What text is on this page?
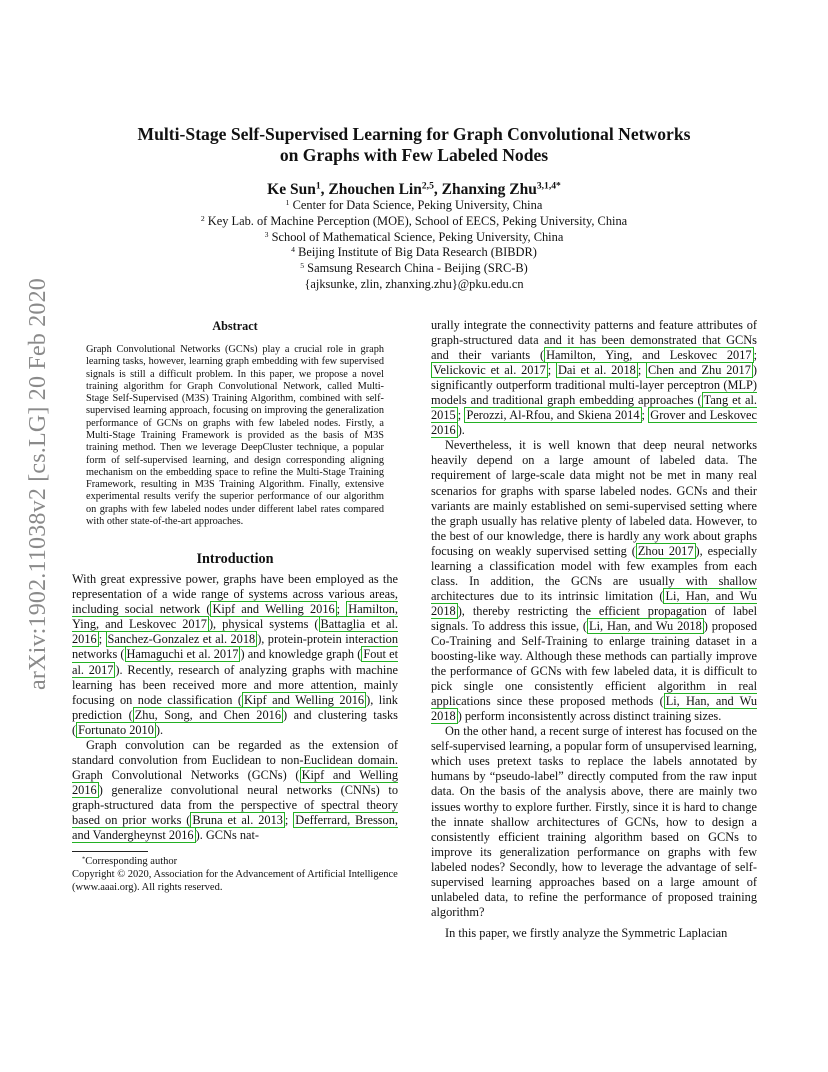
arXiv:1902.11038v2 [cs.LG] 20 Feb 2020
Multi-Stage Self-Supervised Learning for Graph Convolutional Networks
on Graphs with Few Labeled Nodes
Ke Sun$^1$, Zhouchen Lin$^{2,5}$, Zhanxing Zhu$^{3,1,4*}$
$^1$ Center for Data Science, Peking University, China
$^2$ Key Lab. of Machine Perception (MOE), School of EECS, Peking University, China
$^3$ School of Mathematical Science, Peking University, China
$^4$ Beijing Institute of Big Data Research (BIBDR)
$^5$ Samsung Research China - Beijing (SRC-B)
{ajksunke, zlin, zhanxing.zhu}@pku.edu.cn
Abstract
Graph Convolutional Networks (GCNs) play a crucial role in graph learning tasks, however, learning graph embedding with few supervised signals is still a difficult problem. In this paper, we propose a novel training algorithm for Graph Convolutional Network, called Multi-Stage Self-Supervised (M3S) Training Algorithm, combined with self-supervised learning approach, focusing on improving the generalization performance of GCNs on graphs with few labeled nodes. Firstly, a Multi-Stage Training Framework is provided as the basis of M3S training method. Then we leverage DeepCluster technique, a popular form of self-supervised learning, and design corresponding aligning mechanism on the embedding space to refine the Multi-Stage Training Framework, resulting in M3S Training Algorithm. Finally, extensive experimental results verify the superior performance of our algorithm on graphs with few labeled nodes under different label rates compared with other state-of-the-art approaches.
Introduction

With great expressive power, graphs have been employed as the representation of a wide range of systems across various areas, including social network ( Kipf and Welling 2016 ; Hamilton, Ying, and Leskovec 2017 ), physical systems ( Battaglia et al. 2016 ; Sanchez-Gonzalez et al. 2018 ), protein-protein interaction networks ( Hamaguchi et al. 2017 ) and knowledge graph ( Fout et al. 2017 ). Recently, research of analyzing graphs with machine learning has been received more and more attention, mainly focusing on node classification ( Kipf and Welling 2016 ), link prediction ( Zhu, Song, and Chen 2016 ) and clustering tasks ( Fortunato 2010 ).

Graph convolution can be regarded as the extension of standard convolution from Euclidean to non-Euclidean domain. Graph Convolutional Networks (GCNs) ( Kipf and Welling 2016 ) generalize convolutional neural networks (CNNs) to graph-structured data from the perspective of spectral theory based on prior works ( Bruna et al. 2013 ; Defferrard, Bresson, and Vandergheynst 2016 ). GCNs nat-

*Corresponding author
Copyright © 2020, Association for the Advancement of Artificial Intelligence (www.aaai.org). All rights reserved.

urally integrate the connectivity patterns and feature attributes of graph-structured data and it has been demonstrated that GCNs and their variants ( Hamilton, Ying, and Leskovec 2017 ; Velickovic et al. 2017 ; Dai et al. 2018 ; Chen and Zhu 2017 ) significantly outperform traditional multi-layer perceptron (MLP) models and traditional graph embedding approaches ( Tang et al. 2015 ; Perozzi, Al-Rfou, and Skiena 2014 ; Grover and Leskovec 2016 ).

Nevertheless, it is well known that deep neural networks heavily depend on a large amount of labeled data. The requirement of large-scale data might not be met in many real scenarios for graphs with sparse labeled nodes. GCNs and their variants are mainly established on semi-supervised setting where the graph usually has relative plenty of labeled data. However, to the best of our knowledge, there is hardly any work about graphs focusing on weakly supervised setting ( Zhou 2017 ), especially learning a classification model with few examples from each class. In addition, the GCNs are usually with shallow architectures due to its intrinsic limitation ( Li, Han, and Wu 2018 ), thereby restricting the efficient propagation of label signals. To address this issue, ( Li, Han, and Wu 2018 ) proposed Co-Training and Self-Training to enlarge training dataset in a boosting-like way. Although these methods can partially improve the performance of GCNs with few labeled data, it is difficult to pick single one consistently efficient algorithm in real applications since these proposed methods ( Li, Han, and Wu 2018 ) perform inconsistently across distinct training sizes.

On the other hand, a recent surge of interest has focused on the self-supervised learning, a popular form of unsupervised learning, which uses pretext tasks to replace the labels annotated by humans by “pseudo-label” directly computed from the raw input data. On the basis of the analysis above, there are mainly two issues worthy to explore further. Firstly, since it is hard to change the innate shallow architectures of GCNs, how to design a consistently efficient training algorithm based on GCNs to improve its generalization performance on graphs with few labeled nodes? Secondly, how to leverage the advantage of self-supervised learning approaches based on a large amount of unlabeled data, to refine the performance of proposed training algorithm?

In this paper, we firstly analyze the Symmetric Laplacian
